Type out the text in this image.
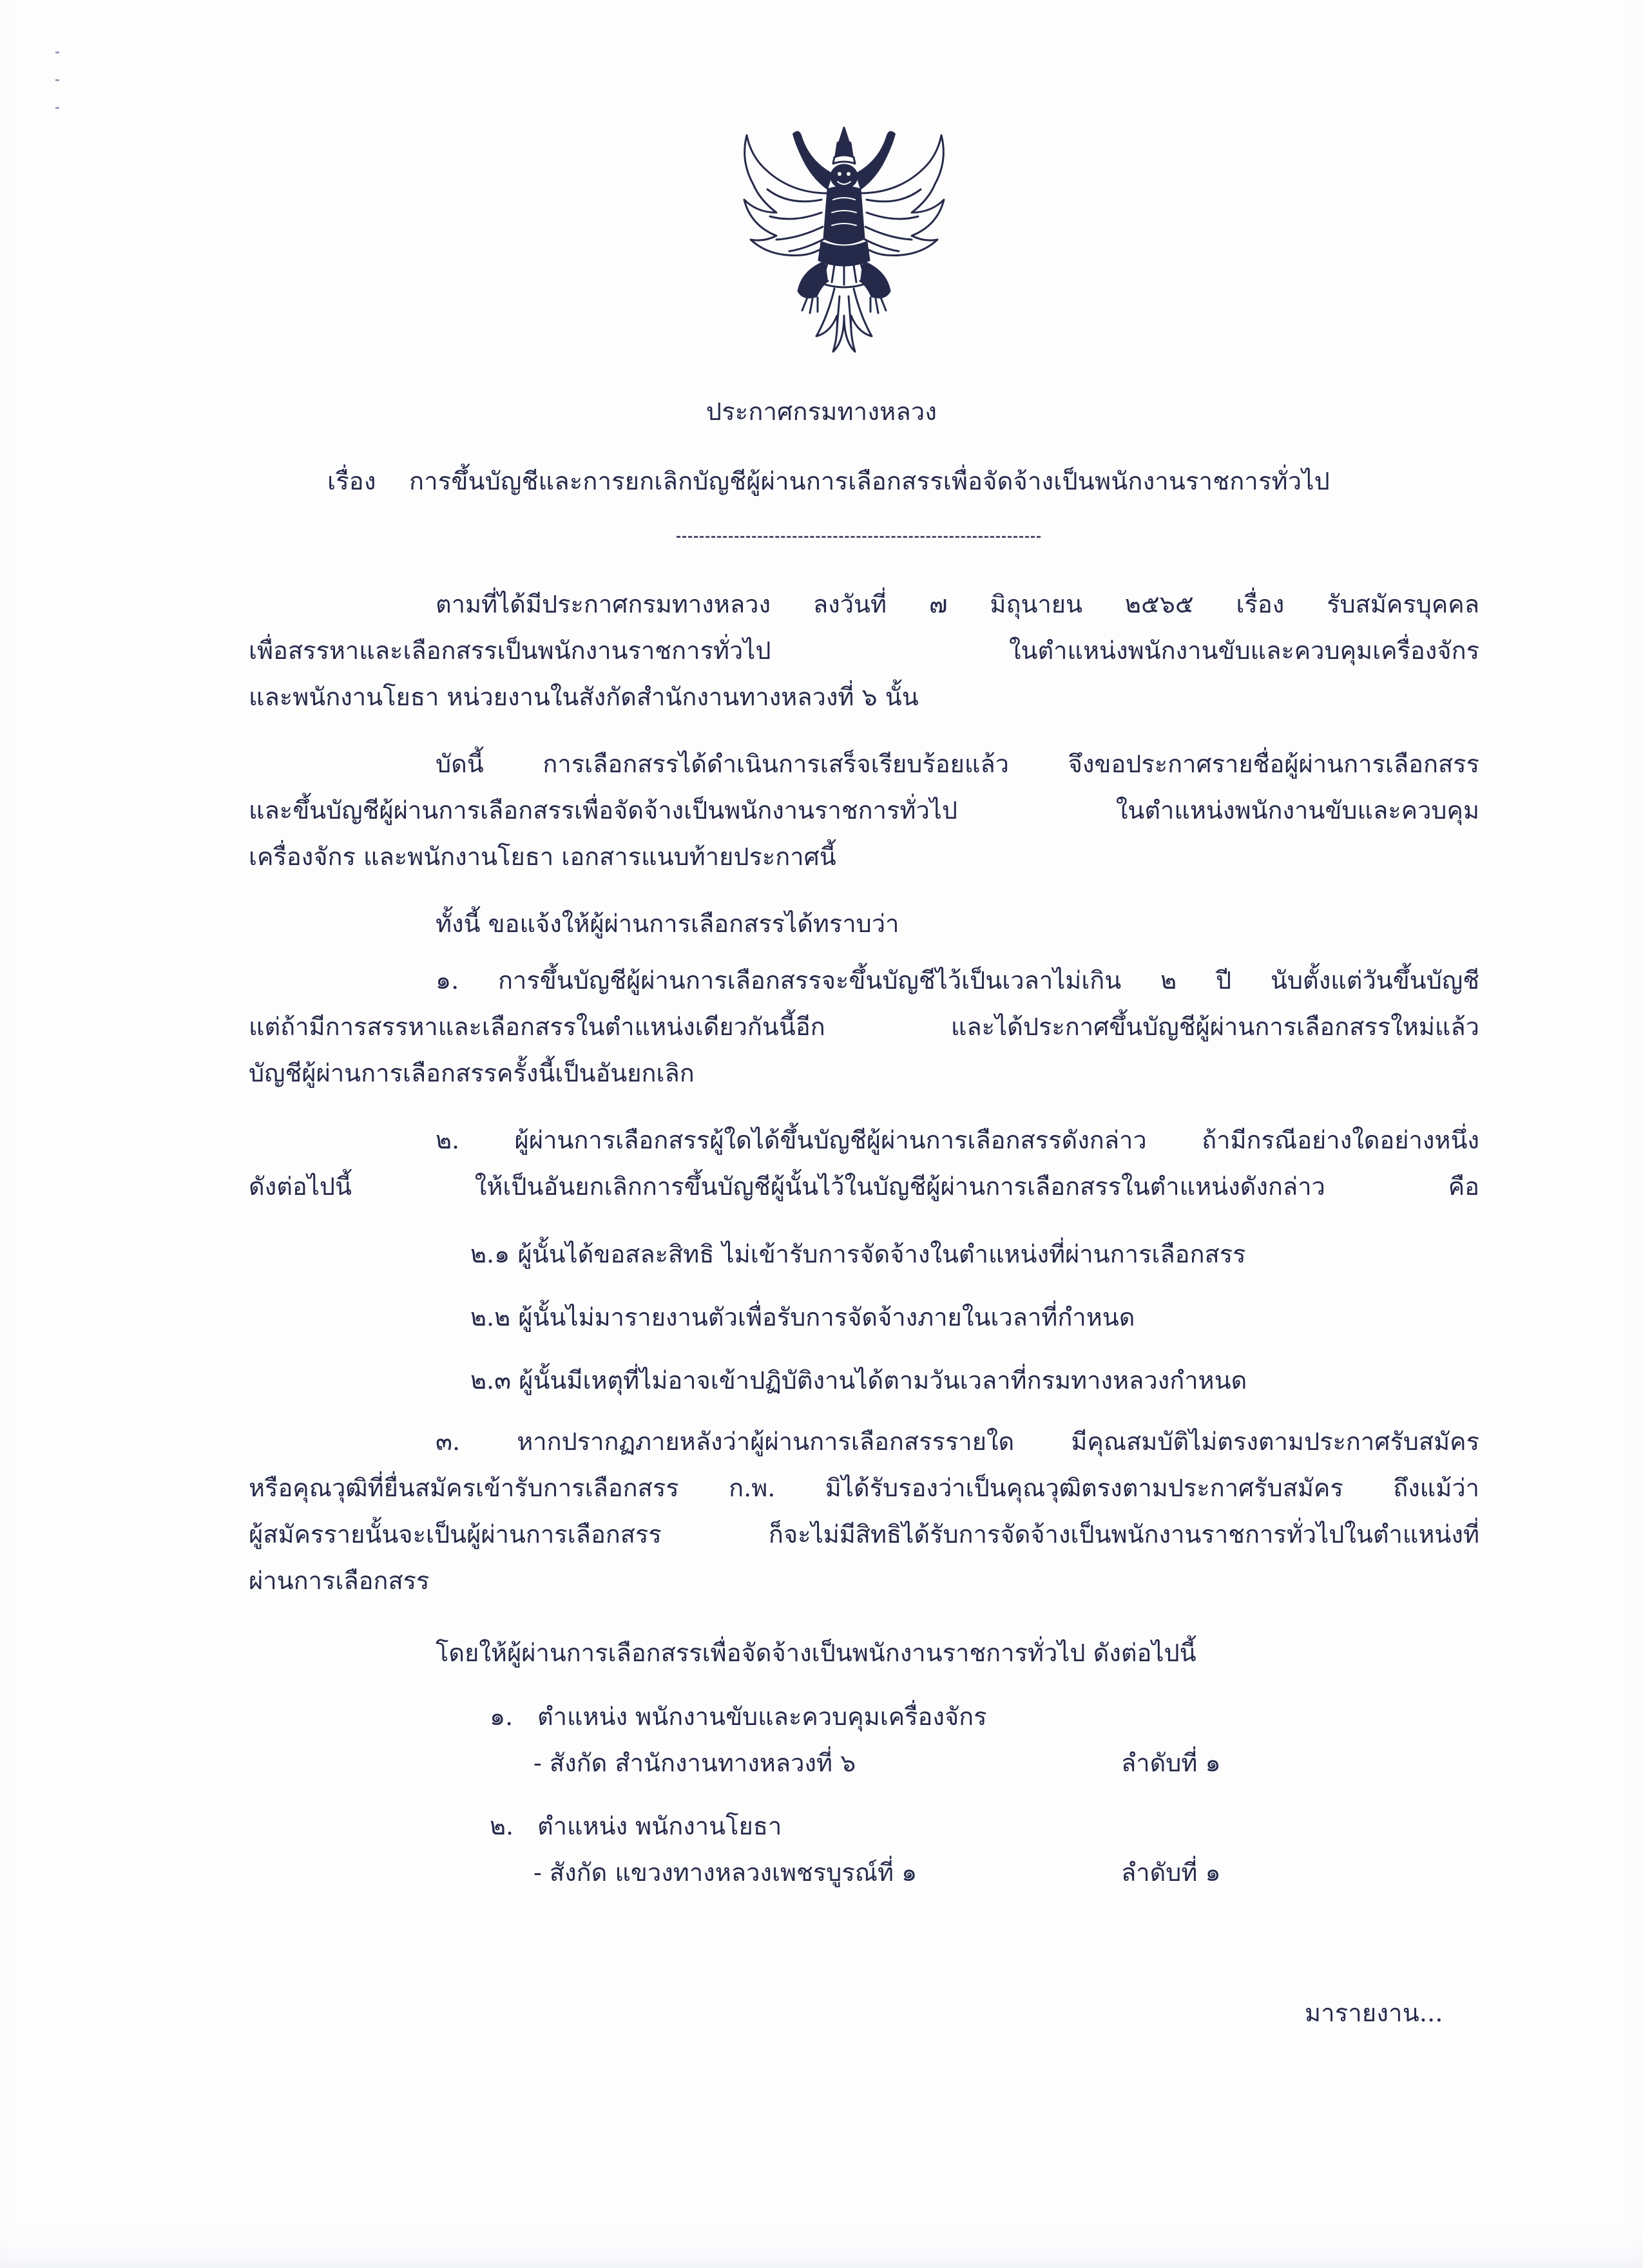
ประกาศกรมทางหลวง
เรื่อง การขึ้นบัญชีและการยกเลิกบัญชีผู้ผ่านการเลือกสรรเพื่อจัดจ้างเป็นพนักงานราชการทั่วไป
ตามที่ได้มีประกาศกรมทางหลวง ลงวันที่ ๗ มิถุนายน ๒๕๖๕ เรื่อง รับสมัครบุคคล
เพื่อสรรหาและเลือกสรรเป็นพนักงานราชการทั่วไป ในตำแหน่งพนักงานขับและควบคุมเครื่องจักร
และพนักงานโยธา หน่วยงานในสังกัดสำนักงานทางหลวงที่ ๖ นั้น
บัดนี้ การเลือกสรรได้ดำเนินการเสร็จเรียบร้อยแล้ว จึงขอประกาศรายชื่อผู้ผ่านการเลือกสรร
และขึ้นบัญชีผู้ผ่านการเลือกสรรเพื่อจัดจ้างเป็นพนักงานราชการทั่วไป ในตำแหน่งพนักงานขับและควบคุม
เครื่องจักร และพนักงานโยธา เอกสารแนบท้ายประกาศนี้
ทั้งนี้ ขอแจ้งให้ผู้ผ่านการเลือกสรรได้ทราบว่า
๑. การขึ้นบัญชีผู้ผ่านการเลือกสรรจะขึ้นบัญชีไว้เป็นเวลาไม่เกิน ๒ ปี นับตั้งแต่วันขึ้นบัญชี
แต่ถ้ามีการสรรหาและเลือกสรรในตำแหน่งเดียวกันนี้อีก และได้ประกาศขึ้นบัญชีผู้ผ่านการเลือกสรรใหม่แล้ว
บัญชีผู้ผ่านการเลือกสรรครั้งนี้เป็นอันยกเลิก
๒. ผู้ผ่านการเลือกสรรผู้ใดได้ขึ้นบัญชีผู้ผ่านการเลือกสรรดังกล่าว ถ้ามีกรณีอย่างใดอย่างหนึ่ง
ดังต่อไปนี้ ให้เป็นอันยกเลิกการขึ้นบัญชีผู้นั้นไว้ในบัญชีผู้ผ่านการเลือกสรรในตำแหน่งดังกล่าว คือ
๒.๑ ผู้นั้นได้ขอสละสิทธิ ไม่เข้ารับการจัดจ้างในตำแหน่งที่ผ่านการเลือกสรร
๒.๒ ผู้นั้นไม่มารายงานตัวเพื่อรับการจัดจ้างภายในเวลาที่กำหนด
๒.๓ ผู้นั้นมีเหตุที่ไม่อาจเข้าปฏิบัติงานได้ตามวันเวลาที่กรมทางหลวงกำหนด
๓. หากปรากฏภายหลังว่าผู้ผ่านการเลือกสรรรายใด มีคุณสมบัติไม่ตรงตามประกาศรับสมัคร
หรือคุณวุฒิที่ยื่นสมัครเข้ารับการเลือกสรร ก.พ. มิได้รับรองว่าเป็นคุณวุฒิตรงตามประกาศรับสมัคร ถึงแม้ว่า
ผู้สมัครรายนั้นจะเป็นผู้ผ่านการเลือกสรร ก็จะไม่มีสิทธิได้รับการจัดจ้างเป็นพนักงานราชการทั่วไปในตำแหน่งที่
ผ่านการเลือกสรร
โดยให้ผู้ผ่านการเลือกสรรเพื่อจัดจ้างเป็นพนักงานราชการทั่วไป ดังต่อไปนี้
๑. ตำแหน่ง พนักงานขับและควบคุมเครื่องจักร
- สังกัด สำนักงานทางหลวงที่ ๖	ลำดับที่ ๑
๒. ตำแหน่ง พนักงานโยธา
- สังกัด แขวงทางหลวงเพชรบูรณ์ที่ ๑	ลำดับที่ ๑
มารายงาน...
